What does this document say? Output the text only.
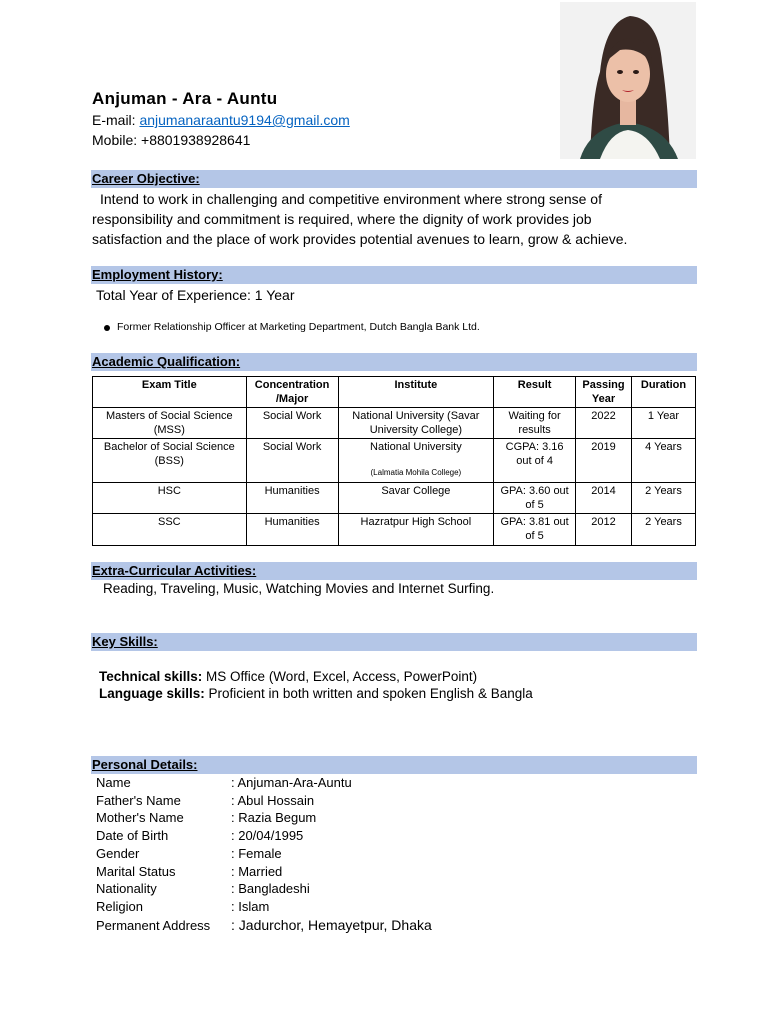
Anjuman - Ara - Auntu
E-mail: anjumanaraantu9194@gmail.com
Mobile: +8801938928641
Career Objective:
Intend to work in challenging and competitive environment where strong sense of
responsibility and commitment is required, where the dignity of work provides job
satisfaction and the place of work provides potential avenues to learn, grow & achieve.
Employment History:
Total Year of Experience: 1 Year
Former Relationship Officer at Marketing Department, Dutch Bangla Bank Ltd.
Academic Qualification:
Exam Title	Concentration /Major	Institute	Result	Passing Year	Duration
Masters of Social Science (MSS)	Social Work	National University (Savar University College)	Waiting for results	2022	1 Year
Bachelor of Social Science (BSS)	Social Work	National University
(Lalmatia Mohila College)	CGPA: 3.16 out of 4	2019	4 Years
HSC	Humanities	Savar College	GPA: 3.60 out of 5	2014	2 Years
SSC	Humanities	Hazratpur High School	GPA: 3.81 out of 5	2012	2 Years
Extra-Curricular Activities:
Reading, Traveling, Music, Watching Movies and Internet Surfing.
Key Skills:
Technical skills: MS Office (Word, Excel, Access, PowerPoint)
Language skills: Proficient in both written and spoken English & Bangla
Personal Details:
Name	: Anjuman-Ara-Auntu
Father's Name	: Abul Hossain
Mother's Name	: Razia Begum
Date of Birth	: 20/04/1995
Gender	: Female
Marital Status	: Married
Nationality	: Bangladeshi
Religion	: Islam
Permanent Address : Jadurchor, Hemayetpur, Dhaka
